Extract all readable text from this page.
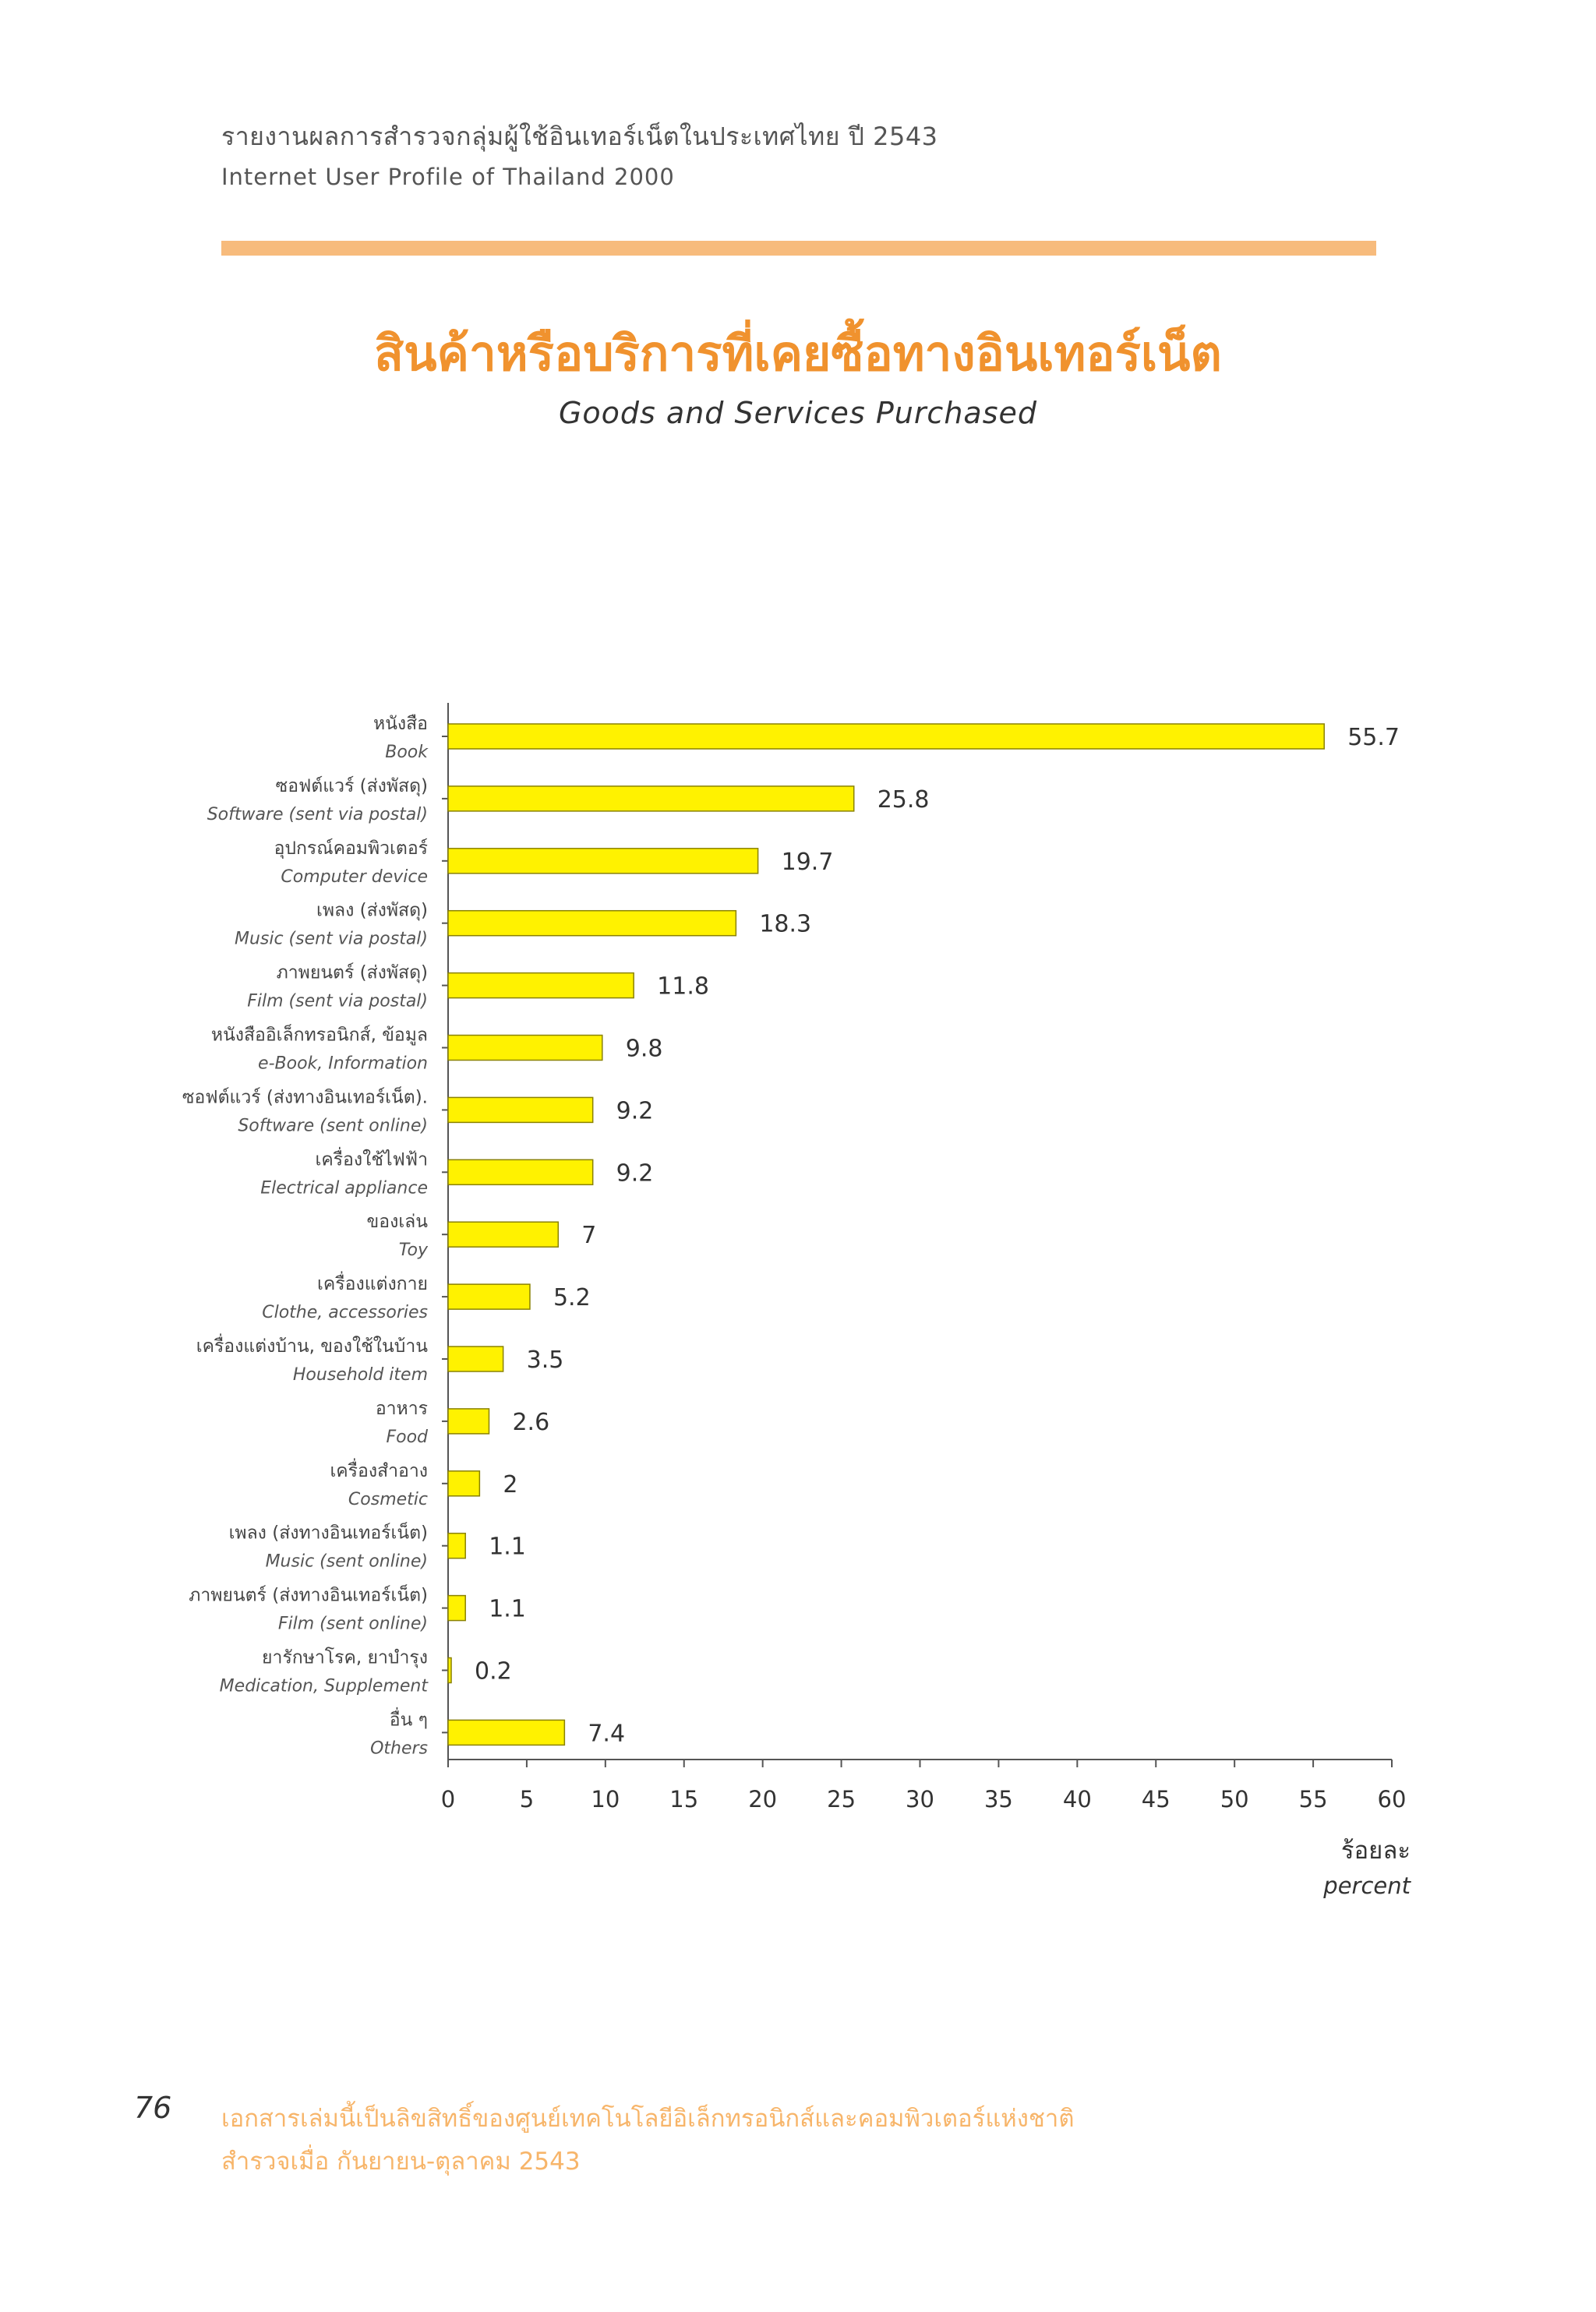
รายงานผลการสำรวจกลุ่มผู้ใช้อินเทอร์เน็ตในประเทศไทย ปี 2543
Internet User Profile of Thailand 2000
สินค้าหรือบริการที่เคยซื้อทางอินเทอร์เน็ต
Goods and Services Purchased
0	5	10 15 20 25 30 35 40 45 50 55 60
55.7
หนังสือ
Book
25.8
ซอฟต์แวร์ (ส่งพัสดุ)
Software (sent via postal)
19.7
อุปกรณ์คอมพิวเตอร์
Computer device
18.3
เพลง (ส่งพัสดุ)
Music (sent via postal)
11.8
ภาพยนตร์ (ส่งพัสดุ)
Film (sent via postal)
9.8
หนังสืออิเล็กทรอนิกส์, ข้อมูล
e-Book, Information
9.2
ซอฟต์แวร์ (ส่งทางอินเทอร์เน็ต).
Software (sent online)
9.2
เครื่องใช้ไฟฟ้า
Electrical appliance
7
ของเล่น
Toy
5.2
เครื่องแต่งกาย
Clothe, accessories
3.5
เครื่องแต่งบ้าน, ของใช้ในบ้าน
Household item
2.6
อาหาร
Food
2
เครื่องสำอาง
Cosmetic
1.1
เพลง (ส่งทางอินเทอร์เน็ต)
Music (sent online)
1.1
ภาพยนตร์ (ส่งทางอินเทอร์เน็ต)
Film (sent online)
0.2
ยารักษาโรค, ยาบำรุง
Medication, Supplement
7.4
อื่น ๆ
Others
ร้อยละ
percent
76 เอกสารเล่มนี้เป็นลิขสิทธิ์ของศูนย์เทคโนโลยีอิเล็กทรอนิกส์และคอมพิวเตอร์แห่งชาติ
สำรวจเมื่อ กันยายน-ตุลาคม 2543
